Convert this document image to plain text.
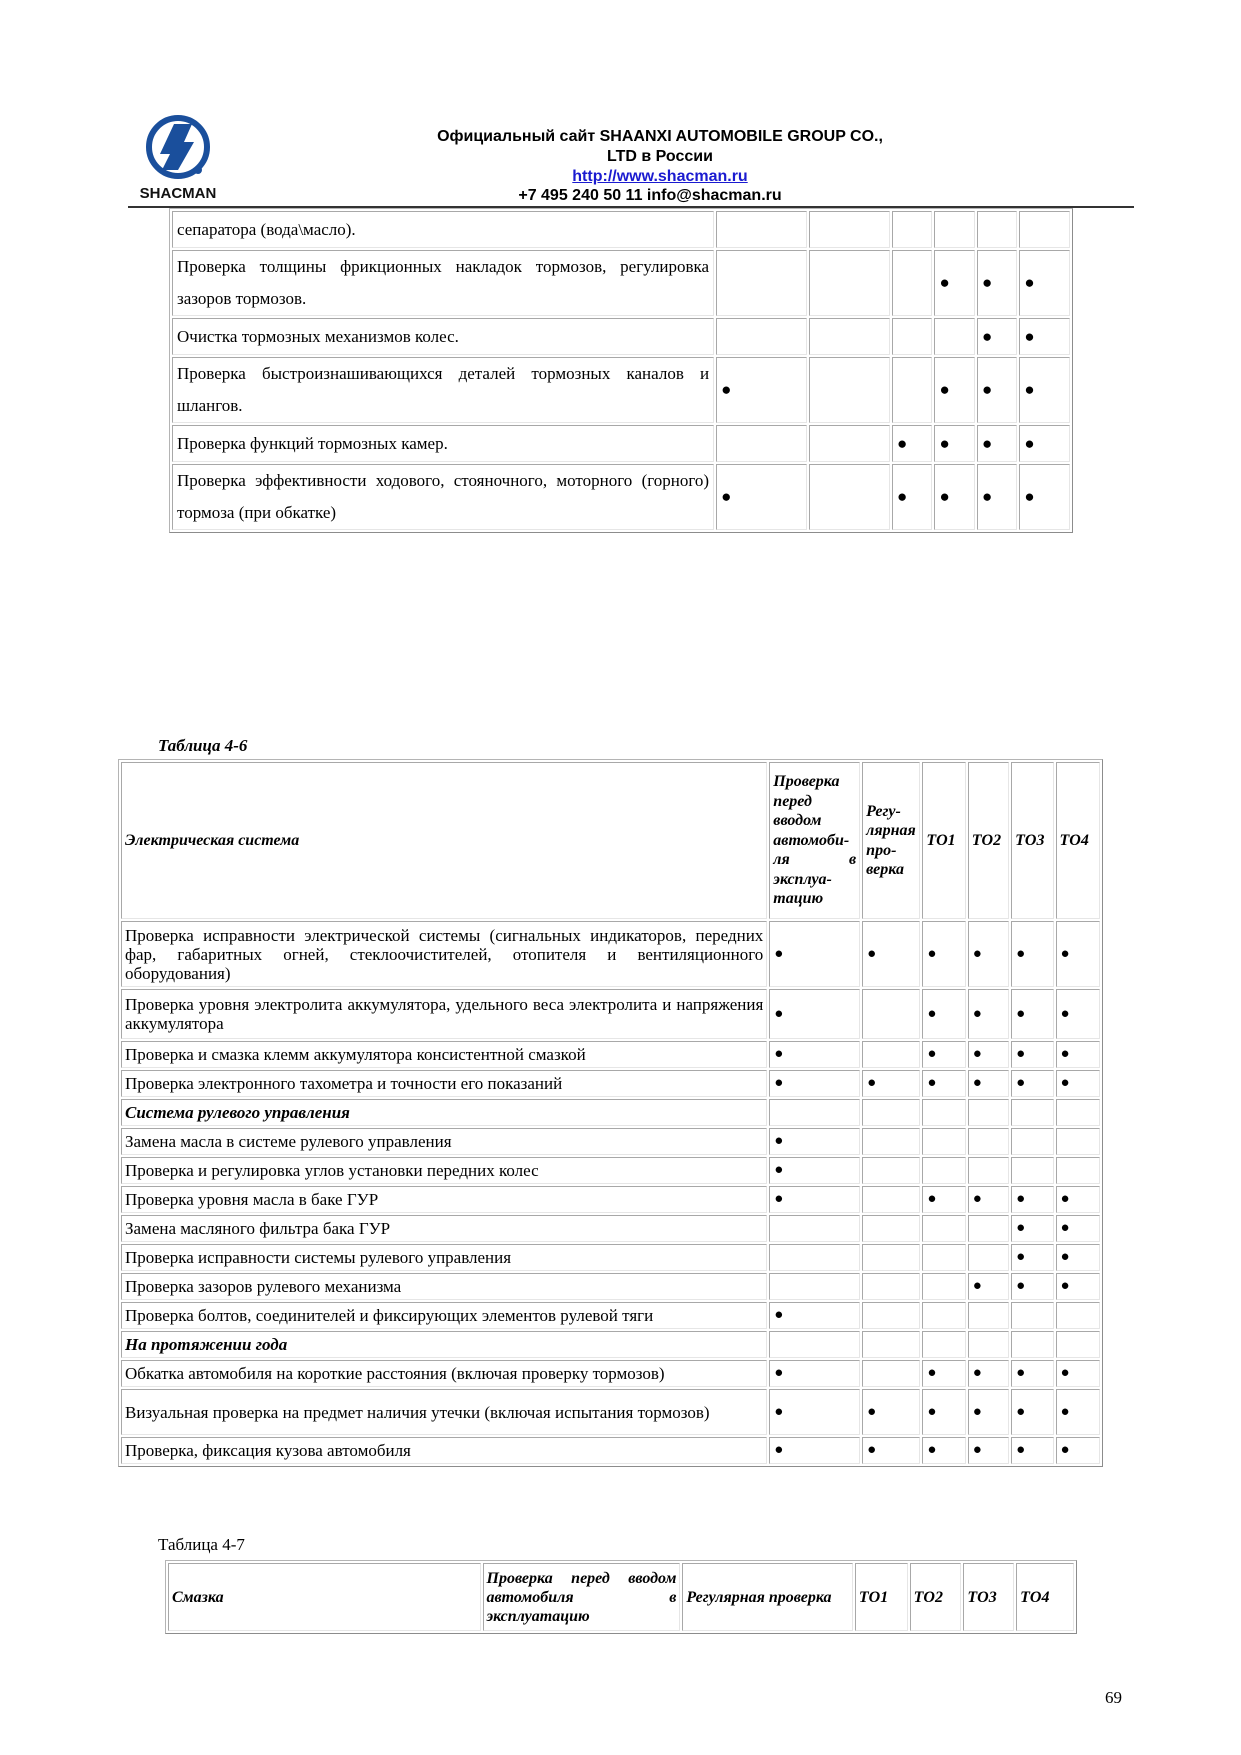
SHACMAN
Официальный сайт SHAANXI AUTOMOBILE GROUP CO.,
LTD в России
http://www.shacman.ru
+7 495 240 50 11 info@shacman.ru
сепаратора (вода\масло).						
Проверка толщины фрикционных накладок тормозов, регулировка зазоров тормозов.				●	●	●
Очистка тормозных механизмов колес.					●	●
Проверка быстроизнашивающихся деталей тормозных каналов и шлангов.	●			●	●	●
Проверка функций тормозных камер.			●	●	●	●
Проверка эффективности ходового, стояночного, моторного (горного) тормоза (при обкатке)	●		●	●	●	●
Таблица 4-6
Электрическая система	Проверка перед вводом автомоби-ля в эксплуа-тацию	Регу-лярная про-верка	ТО1	ТО2	ТО3	ТО4
Проверка исправности электрической системы (сигнальных индикаторов, передних фар, габаритных огней, стеклоочистителей, отопителя и вентиляционного оборудования)	●	●	●	●	●	●
Проверка уровня электролита аккумулятора, удельного веса электролита и напряжения аккумулятора	●		●	●	●	●
Проверка и смазка клемм аккумулятора консистентной смазкой	●		●	●	●	●
Проверка электронного тахометра и точности его показаний	●	●	●	●	●	●
Система рулевого управления						
Замена масла в системе рулевого управления	●					
Проверка и регулировка углов установки передних колес	●					
Проверка уровня масла в баке ГУР	●		●	●	●	●
Замена масляного фильтра бака ГУР					●	●
Проверка исправности системы рулевого управления					●	●
Проверка зазоров рулевого механизма				●	●	●
Проверка болтов, соединителей и фиксирующих элементов рулевой тяги	●					
На протяжении года						
Обкатка автомобиля на короткие расстояния (включая проверку тормозов)	●		●	●	●	●
Визуальная проверка на предмет наличия утечки (включая испытания тормозов)	●	●	●	●	●	●
Проверка, фиксация кузова автомобиля	●	●	●	●	●	●
Таблица 4-7
Смазка	Проверка перед вводом автомобиля в эксплуатацию	Регулярная проверка	ТО1	ТО2	ТО3	ТО4
69
